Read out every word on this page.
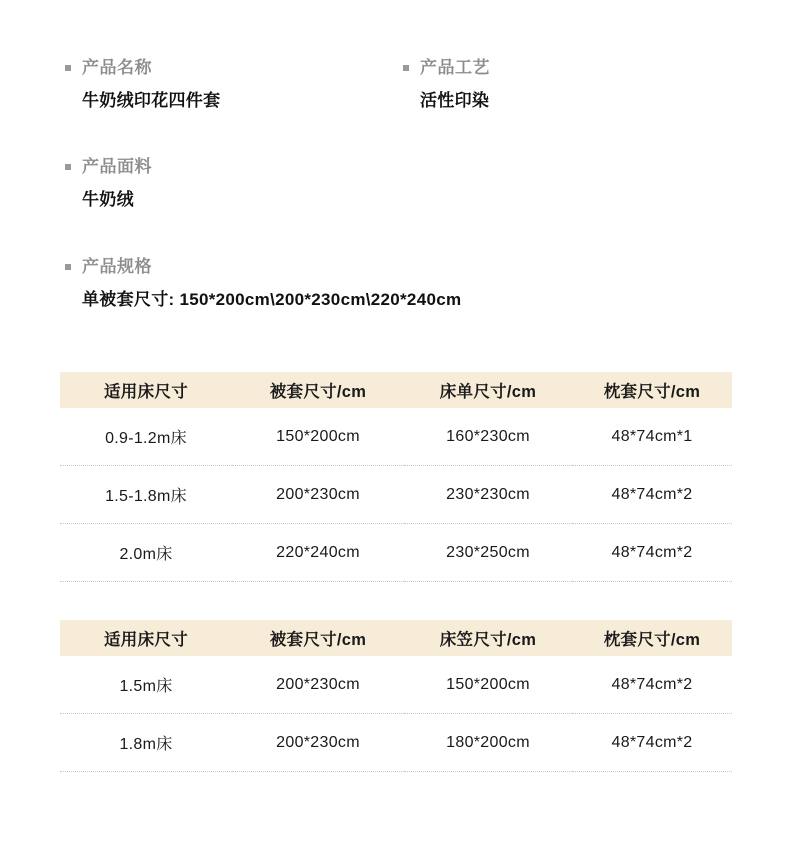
产品名称
牛奶绒印花四件套
产品工艺
活性印染
产品面料
牛奶绒
产品规格
单被套尺寸: 150*200cm\200*230cm\220*240cm
适用床尺寸	被套尺寸/cm	床单尺寸/cm	枕套尺寸/cm
0.9-1.2m床	150*200cm	160*230cm	48*74cm*1
1.5-1.8m床	200*230cm	230*230cm	48*74cm*2
2.0m床	220*240cm	230*250cm	48*74cm*2
适用床尺寸	被套尺寸/cm	床笠尺寸/cm	枕套尺寸/cm
1.5m床	200*230cm	150*200cm	48*74cm*2
1.8m床	200*230cm	180*200cm	48*74cm*2
